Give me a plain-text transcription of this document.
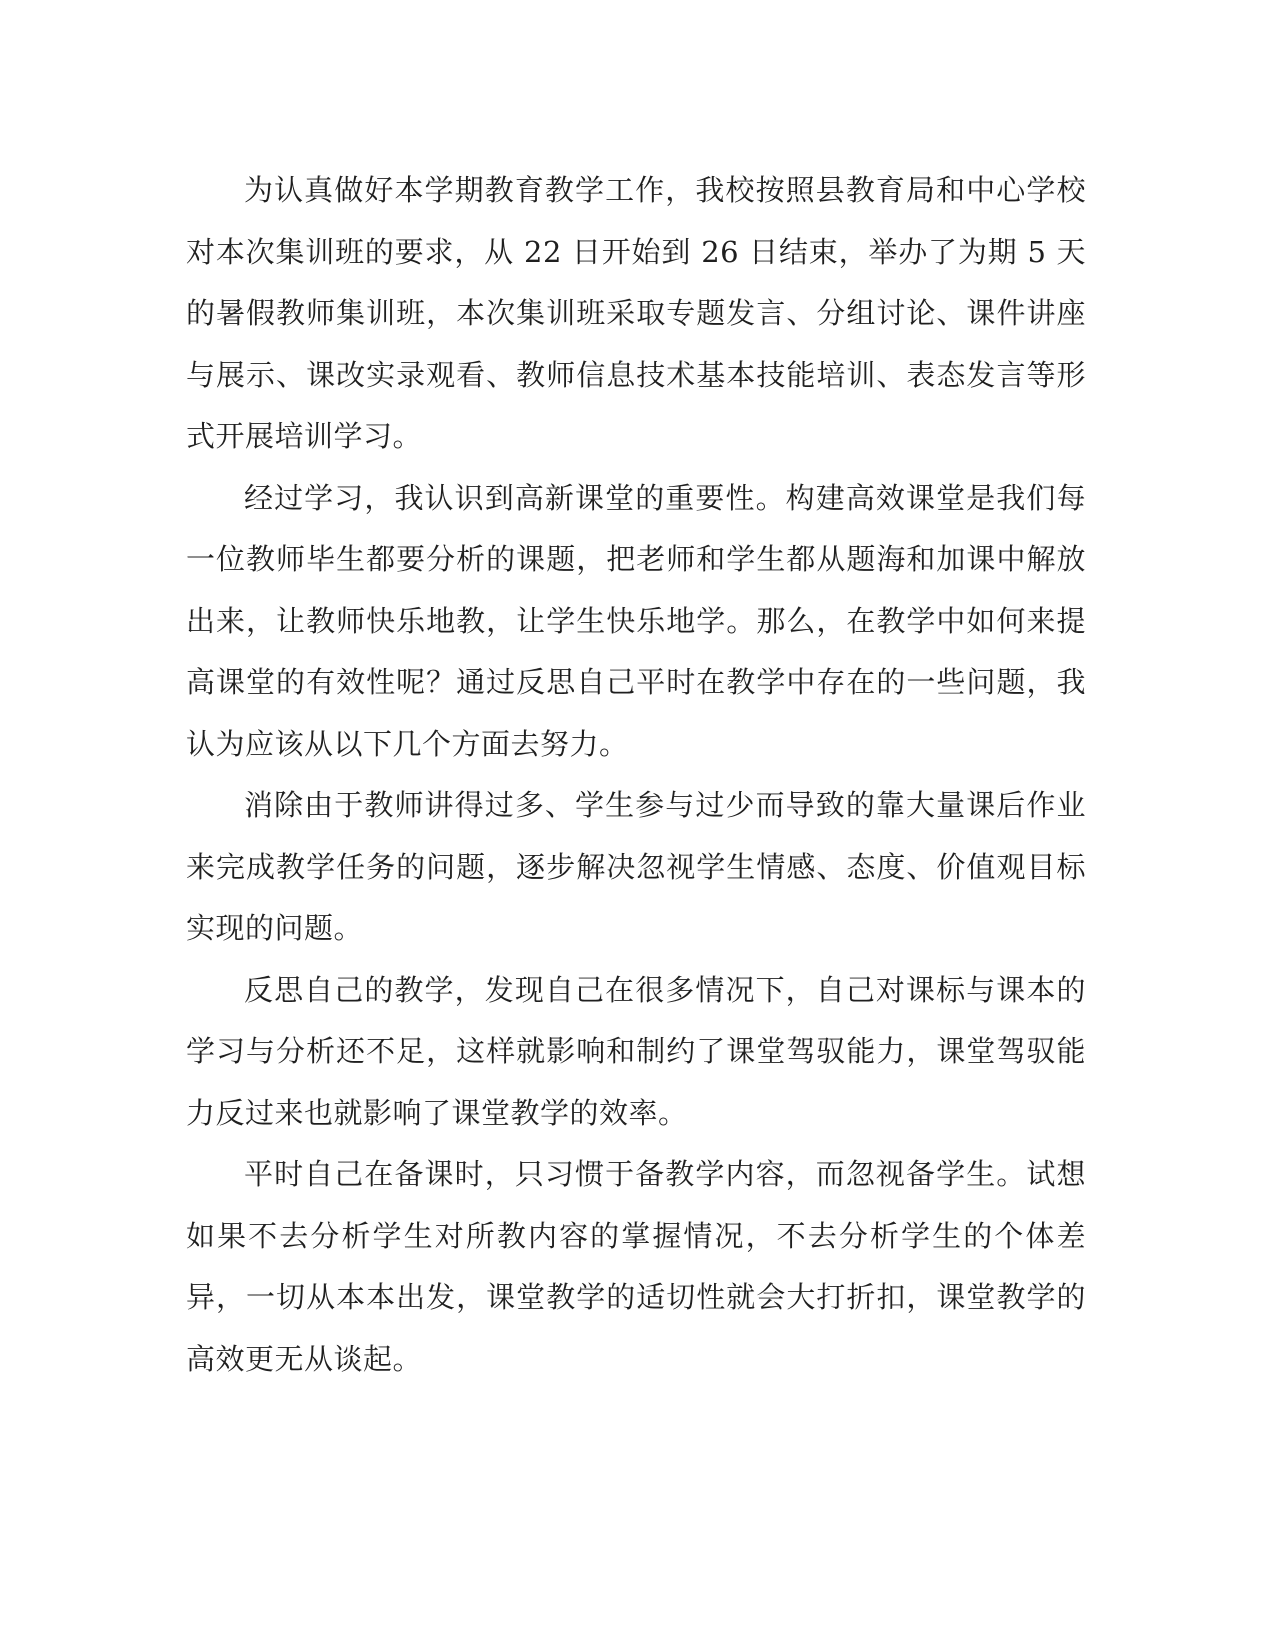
为认真做好本学期教育教学工作，我校按照县教育局和中心学校对本次集训班的要求，从 22 日开始到 26 日结束，举办了为期 5 天的暑假教师集训班，本次集训班采取专题发言、分组讨论、课件讲座与展示、课改实录观看、教师信息技术基本技能培训、表态发言等形式开展培训学习。

经过学习，我认识到高新课堂的重要性。构建高效课堂是我们每一位教师毕生都要分析的课题，把老师和学生都从题海和加课中解放出来，让教师快乐地教，让学生快乐地学。那么，在教学中如何来提高课堂的有效性呢？通过反思自己平时在教学中存在的一些问题，我认为应该从以下几个方面去努力。

消除由于教师讲得过多、学生参与过少而导致的靠大量课后作业来完成教学任务的问题，逐步解决忽视学生情感、态度、价值观目标实现的问题。

反思自己的教学，发现自己在很多情况下，自己对课标与课本的学习与分析还不足，这样就影响和制约了课堂驾驭能力，课堂驾驭能力反过来也就影响了课堂教学的效率。

平时自己在备课时，只习惯于备教学内容，而忽视备学生。试想如果不去分析学生对所教内容的掌握情况，不去分析学生的个体差异，一切从本本出发，课堂教学的适切性就会大打折扣，课堂教学的高效更无从谈起。
